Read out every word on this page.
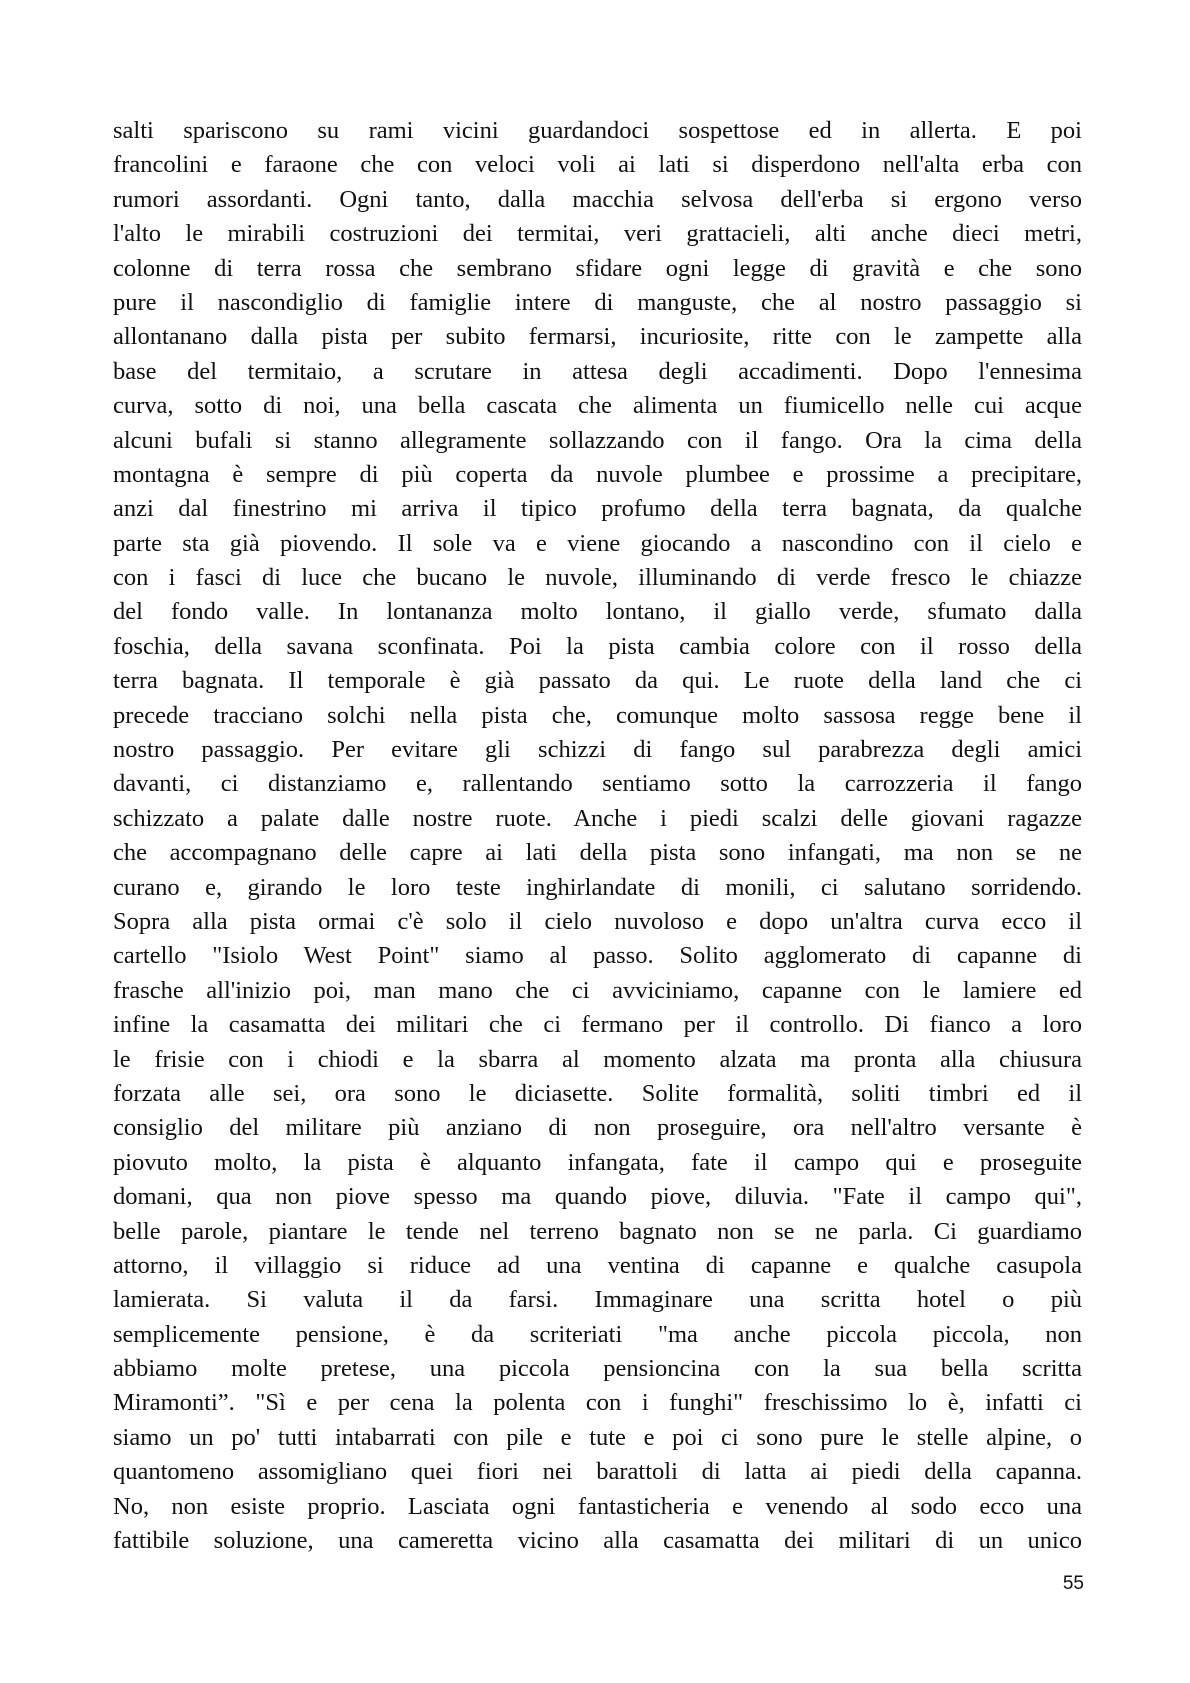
salti spariscono su rami vicini guardandoci sospettose ed in allerta. E poi
francolini e faraone che con veloci voli ai lati si disperdono nell'alta erba con
rumori assordanti. Ogni tanto, dalla macchia selvosa dell'erba si ergono verso
l'alto le mirabili costruzioni dei termitai, veri grattacieli, alti anche dieci metri,
colonne di terra rossa che sembrano sfidare ogni legge di gravità e che sono
pure il nascondiglio di famiglie intere di manguste, che al nostro passaggio si
allontanano dalla pista per subito fermarsi, incuriosite, ritte con le zampette alla
base del termitaio, a scrutare in attesa degli accadimenti. Dopo l'ennesima
curva, sotto di noi, una bella cascata che alimenta un fiumicello nelle cui acque
alcuni bufali si stanno allegramente sollazzando con il fango. Ora la cima della
montagna è sempre di più coperta da nuvole plumbee e prossime a precipitare,
anzi dal finestrino mi arriva il tipico profumo della terra bagnata, da qualche
parte sta già piovendo. Il sole va e viene giocando a nascondino con il cielo e
con i fasci di luce che bucano le nuvole, illuminando di verde fresco le chiazze
del fondo valle. In lontananza molto lontano, il giallo verde, sfumato dalla
foschia, della savana sconfinata. Poi la pista cambia colore con il rosso della
terra bagnata. Il temporale è già passato da qui. Le ruote della land che ci
precede tracciano solchi nella pista che, comunque molto sassosa regge bene il
nostro passaggio. Per evitare gli schizzi di fango sul parabrezza degli amici
davanti, ci distanziamo e, rallentando sentiamo sotto la carrozzeria il fango
schizzato a palate dalle nostre ruote. Anche i piedi scalzi delle giovani ragazze
che accompagnano delle capre ai lati della pista sono infangati, ma non se ne
curano e, girando le loro teste inghirlandate di monili, ci salutano sorridendo.
Sopra alla pista ormai c'è solo il cielo nuvoloso e dopo un'altra curva ecco il
cartello "Isiolo West Point" siamo al passo. Solito agglomerato di capanne di
frasche all'inizio poi, man mano che ci avviciniamo, capanne con le lamiere ed
infine la casamatta dei militari che ci fermano per il controllo. Di fianco a loro
le frisie con i chiodi e la sbarra al momento alzata ma pronta alla chiusura
forzata alle sei, ora sono le diciasette. Solite formalità, soliti timbri ed il
consiglio del militare più anziano di non proseguire, ora nell'altro versante è
piovuto molto, la pista è alquanto infangata, fate il campo qui e proseguite
domani, qua non piove spesso ma quando piove, diluvia. "Fate il campo qui",
belle parole, piantare le tende nel terreno bagnato non se ne parla. Ci guardiamo
attorno, il villaggio si riduce ad una ventina di capanne e qualche casupola
lamierata. Si valuta il da farsi. Immaginare una scritta hotel o più
semplicemente pensione, è da scriteriati "ma anche piccola piccola, non
abbiamo molte pretese, una piccola pensioncina con la sua bella scritta
Miramonti”. "Sì e per cena la polenta con i funghi" freschissimo lo è, infatti ci
siamo un po' tutti intabarrati con pile e tute e poi ci sono pure le stelle alpine, o
quantomeno assomigliano quei fiori nei barattoli di latta ai piedi della capanna.
No, non esiste proprio. Lasciata ogni fantasticheria e venendo al sodo ecco una
fattibile soluzione, una cameretta vicino alla casamatta dei militari di un unico
55
